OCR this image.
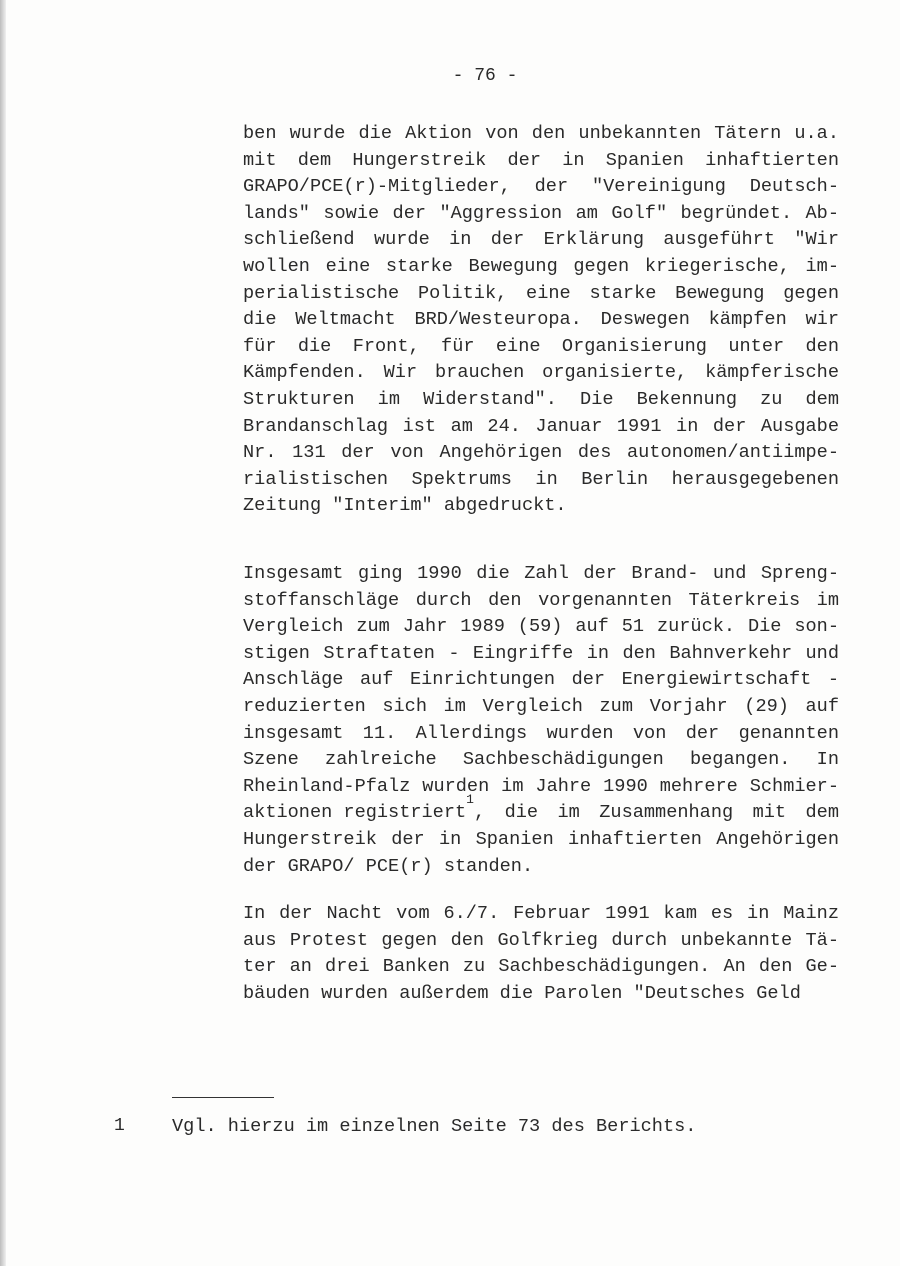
- 76 -
ben wurde die Aktion von den unbekannten Tätern u.a.
mit dem Hungerstreik der in Spanien inhaftierten
GRAPO/PCE(r)-Mitglieder, der "Vereinigung Deutsch-
lands" sowie der "Aggression am Golf" begründet. Ab-
schließend wurde in der Erklärung ausgeführt "Wir
wollen eine starke Bewegung gegen kriegerische, im-
perialistische Politik, eine starke Bewegung gegen
die Weltmacht BRD/Westeuropa. Deswegen kämpfen wir
für die Front, für eine Organisierung unter den
Kämpfenden. Wir brauchen organisierte, kämpferische
Strukturen im Widerstand". Die Bekennung zu dem
Brandanschlag ist am 24. Januar 1991 in der Ausgabe
Nr. 131 der von Angehörigen des autonomen/antiimpe-
rialistischen Spektrums in Berlin herausgegebenen
Zeitung "Interim" abgedruckt.
Insgesamt ging 1990 die Zahl der Brand- und Spreng-
stoffanschläge durch den vorgenannten Täterkreis im
Vergleich zum Jahr 1989 (59) auf 51 zurück. Die son-
stigen Straftaten - Eingriffe in den Bahnverkehr und
Anschläge auf Einrichtungen der Energiewirtschaft -
reduzierten sich im Vergleich zum Vorjahr (29) auf
insgesamt 11. Allerdings wurden von der genannten
Szene zahlreiche Sachbeschädigungen begangen. In
Rheinland-Pfalz wurden im Jahre 1990 mehrere Schmier-
aktionen registriert
1
, die im Zusammenhang mit dem
Hungerstreik der in Spanien inhaftierten Angehörigen
der GRAPO/ PCE(r) standen.
In der Nacht vom 6./7. Februar 1991 kam es in Mainz
aus Protest gegen den Golfkrieg durch unbekannte Tä-
ter an drei Banken zu Sachbeschädigungen. An den Ge-
bäuden wurden außerdem die Parolen "Deutsches Geld
1	Vgl. hierzu im einzelnen Seite 73 des Berichts.
